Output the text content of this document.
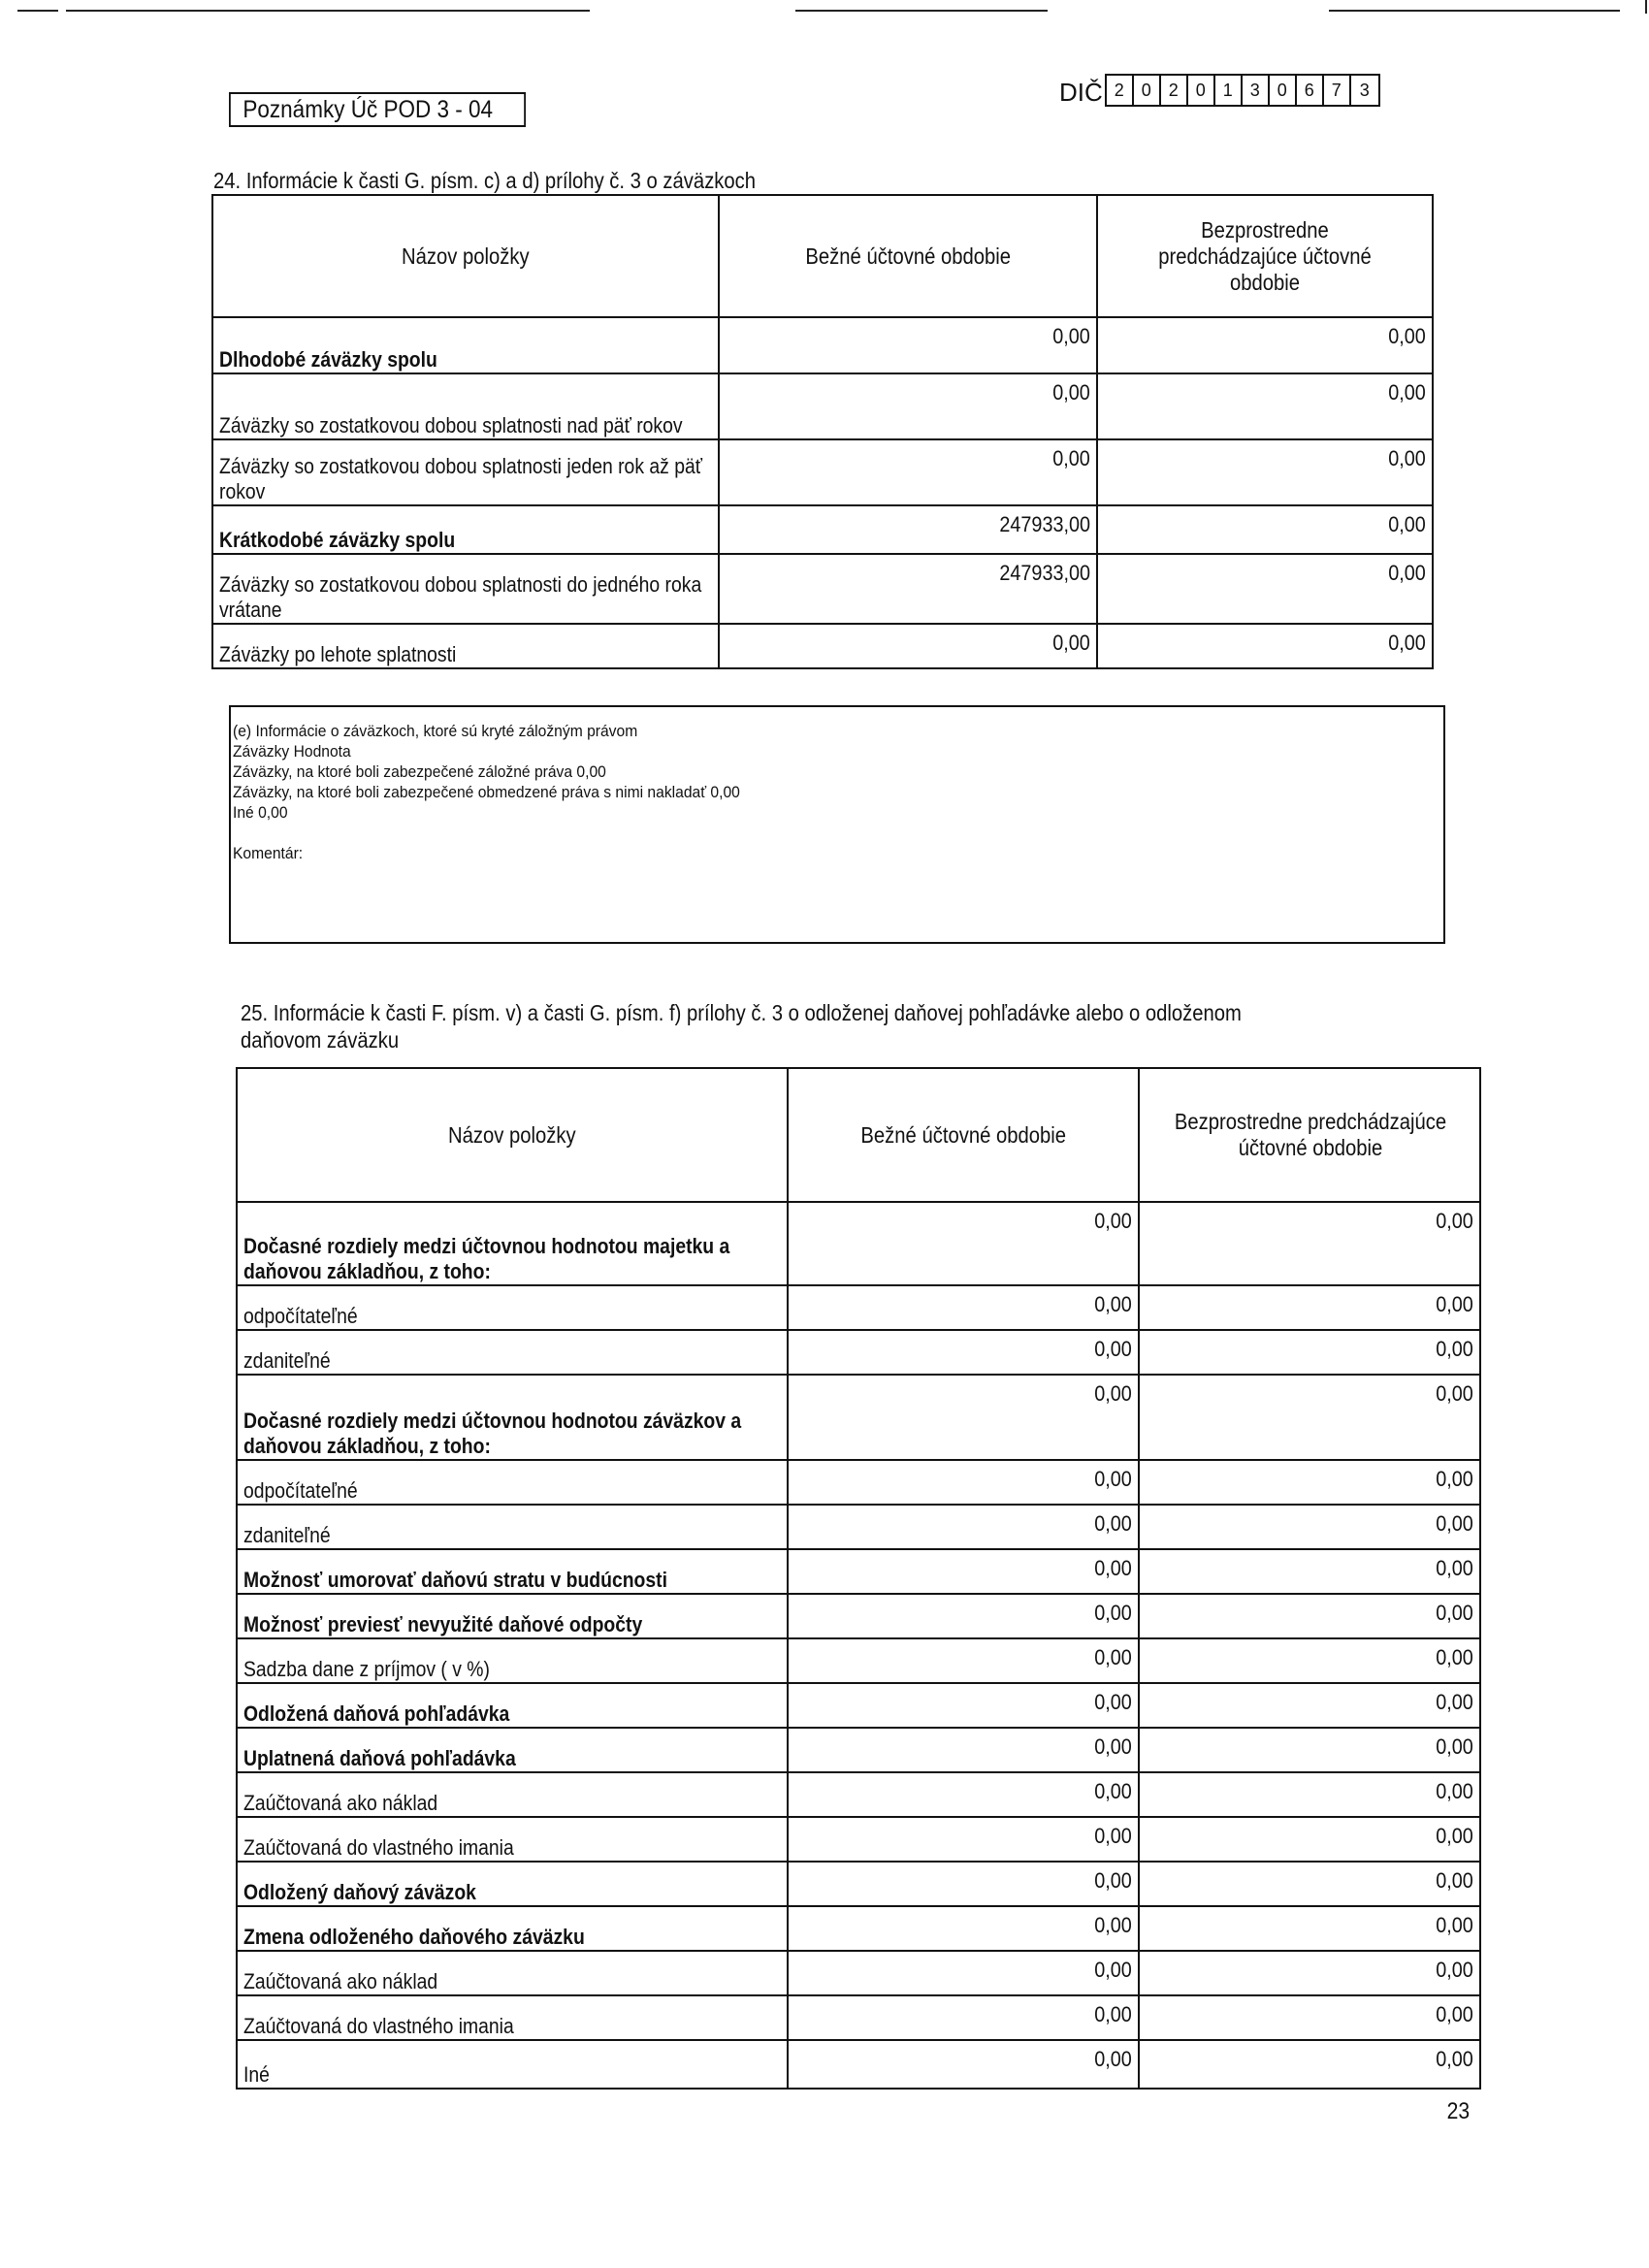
Poznámky Úč POD 3 - 04
DIČ 2 0 2 0 1 3 0 6 7	3
24. Informácie k časti G. písm. c) a d) prílohy č. 3 o záväzkoch
Názov položky	Bežné účtovné obdobie	Bezprostredne predchádzajúce účtovné obdobie
Dlhodobé záväzky spolu	0,00	0,00
Záväzky so zostatkovou dobou splatnosti nad päť rokov	0,00	0,00
Záväzky so zostatkovou dobou splatnosti jeden rok až päť rokov	0,00	0,00
Krátkodobé záväzky spolu	247933,00	0,00
Záväzky so zostatkovou dobou splatnosti do jedného roka vrátane	247933,00	0,00
Záväzky po lehote splatnosti	0,00	0,00
(e) Informácie o záväzkoch, ktoré sú kryté záložným právom
Záväzky Hodnota
Záväzky, na ktoré boli zabezpečené záložné práva 0,00
Záväzky, na ktoré boli zabezpečené obmedzené práva s nimi nakladať 0,00
Iné 0,00
Komentár:
25. Informácie k časti F. písm. v) a časti G. písm. f) prílohy č. 3 o odloženej daňovej pohľadávke alebo o odloženom
daňovom záväzku
Názov položky	Bežné účtovné obdobie	Bezprostredne predchádzajúce účtovné obdobie
Dočasné rozdiely medzi účtovnou hodnotou majetku a daňovou základňou, z toho:	0,00	0,00
odpočítateľné	0,00	0,00
zdaniteľné	0,00	0,00
Dočasné rozdiely medzi účtovnou hodnotou záväzkov a daňovou základňou, z toho:	0,00	0,00
odpočítateľné	0,00	0,00
zdaniteľné	0,00	0,00
Možnosť umorovať daňovú stratu v budúcnosti	0,00	0,00
Možnosť previesť nevyužité daňové odpočty	0,00	0,00
Sadzba dane z príjmov ( v %)	0,00	0,00
Odložená daňová pohľadávka	0,00	0,00
Uplatnená daňová pohľadávka	0,00	0,00
Zaúčtovaná ako náklad	0,00	0,00
Zaúčtovaná do vlastného imania	0,00	0,00
Odložený daňový záväzok	0,00	0,00
Zmena odloženého daňového záväzku	0,00	0,00
Zaúčtovaná ako náklad	0,00	0,00
Zaúčtovaná do vlastného imania	0,00	0,00
Iné	0,00	0,00
23
